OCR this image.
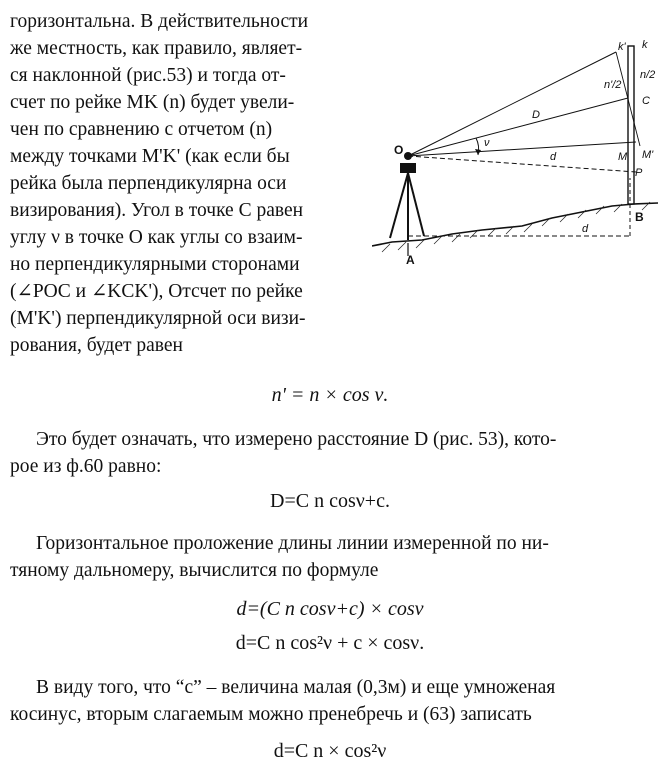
горизонтальна. В действительности
же местность, как правило, являет-
ся наклонной (рис.53) и тогда от-
счет по рейке MK (n) будет увели-
чен по сравнению с отчетом (n)
между точками M'K' (как если бы
рейка была перпендикулярна оси
визирования). Угол в точке С равен
углу ν в точке О как углы со взаим-
но перпендикулярными сторонами
(∠POC и ∠KCK'), Отсчет по рейке
(M'K') перпендикулярной оси визи-
рования, будет равен
O
A
B
P
C
M M'
k
k'
D
d
d
ν
n'/2
n/2
n' = n × cos ν.
Это будет означать, что измерено расстояние D (рис. 53), кото-
рое из ф.60 равно:
D=C n cosν+c.
Горизонтальное проложение длины линии измеренной по ни-
тяному дальномеру, вычислится по формуле
d=(C n cosν+c) × cosν
d=C n cos²ν + c × cosν.
В виду того, что “с” – величина малая (0,3м) и еще умноженая
косинус, вторым слагаемым можно пренебречь и (63) записать
d=C n × cos²ν
